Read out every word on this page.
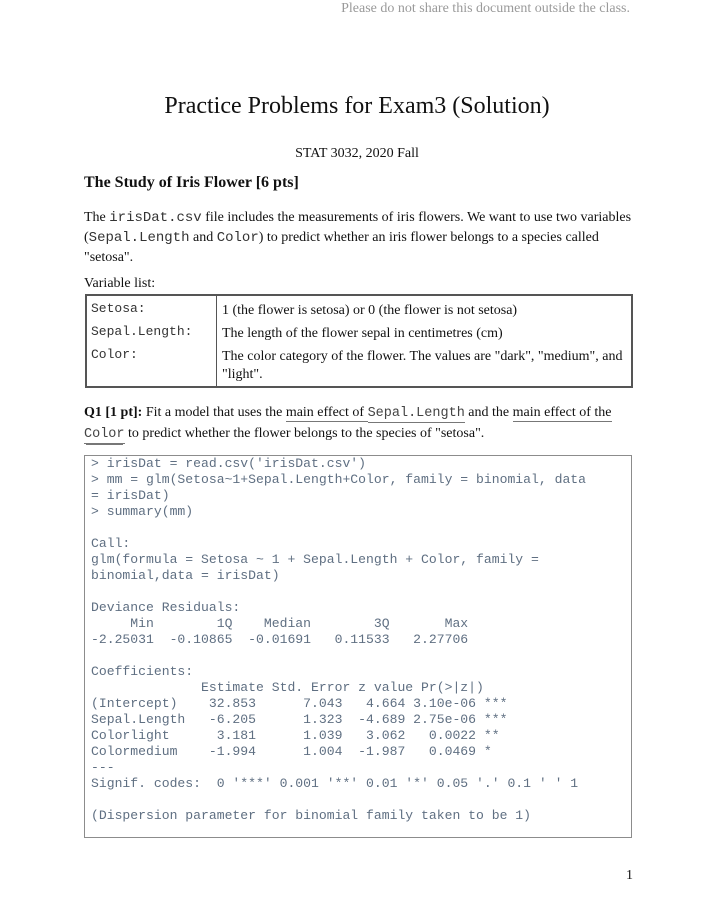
Please do not share this document outside the class.
Practice Problems for Exam3 (Solution)
STAT 3032, 2020 Fall
The Study of Iris Flower [6 pts]
The irisDat.csv file includes the measurements of iris flowers. We want to use two variables (Sepal.Length and Color) to predict whether an iris flower belongs to a species called "setosa".
Variable list:
Setosa:	1 (the flower is setosa) or 0 (the flower is not setosa)
Sepal.Length: The length of the flower sepal in centimetres (cm)
Color:	The color category of the flower. The values are "dark", "medium", and "light".
Q1 [1 pt]: Fit a model that uses the main effect of Sepal.Length and the main effect of the Color to predict whether the flower belongs to the species of "setosa".
> irisDat = read.csv('irisDat.csv')
> mm = glm(Setosa~1+Sepal.Length+Color, family = binomial, data
= irisDat)
> summary(mm)

Call:
glm(formula = Setosa ~ 1 + Sepal.Length + Color, family =
binomial,data = irisDat)

Deviance Residuals:
Min        1Q    Median        3Q       Max
-2.25031  -0.10865  -0.01691   0.11533   2.27706

Coefficients:
Estimate Std. Error z value Pr(>|z|)
(Intercept)    32.853      7.043   4.664 3.10e-06 ***
Sepal.Length   -6.205      1.323  -4.689 2.75e-06 ***
Colorlight      3.181      1.039   3.062   0.0022 **
Colormedium    -1.994      1.004  -1.987   0.0469 *
---
Signif. codes:  0 '***' 0.001 '**' 0.01 '*' 0.05 '.' 0.1 ' ' 1

(Dispersion parameter for binomial family taken to be 1)
1
